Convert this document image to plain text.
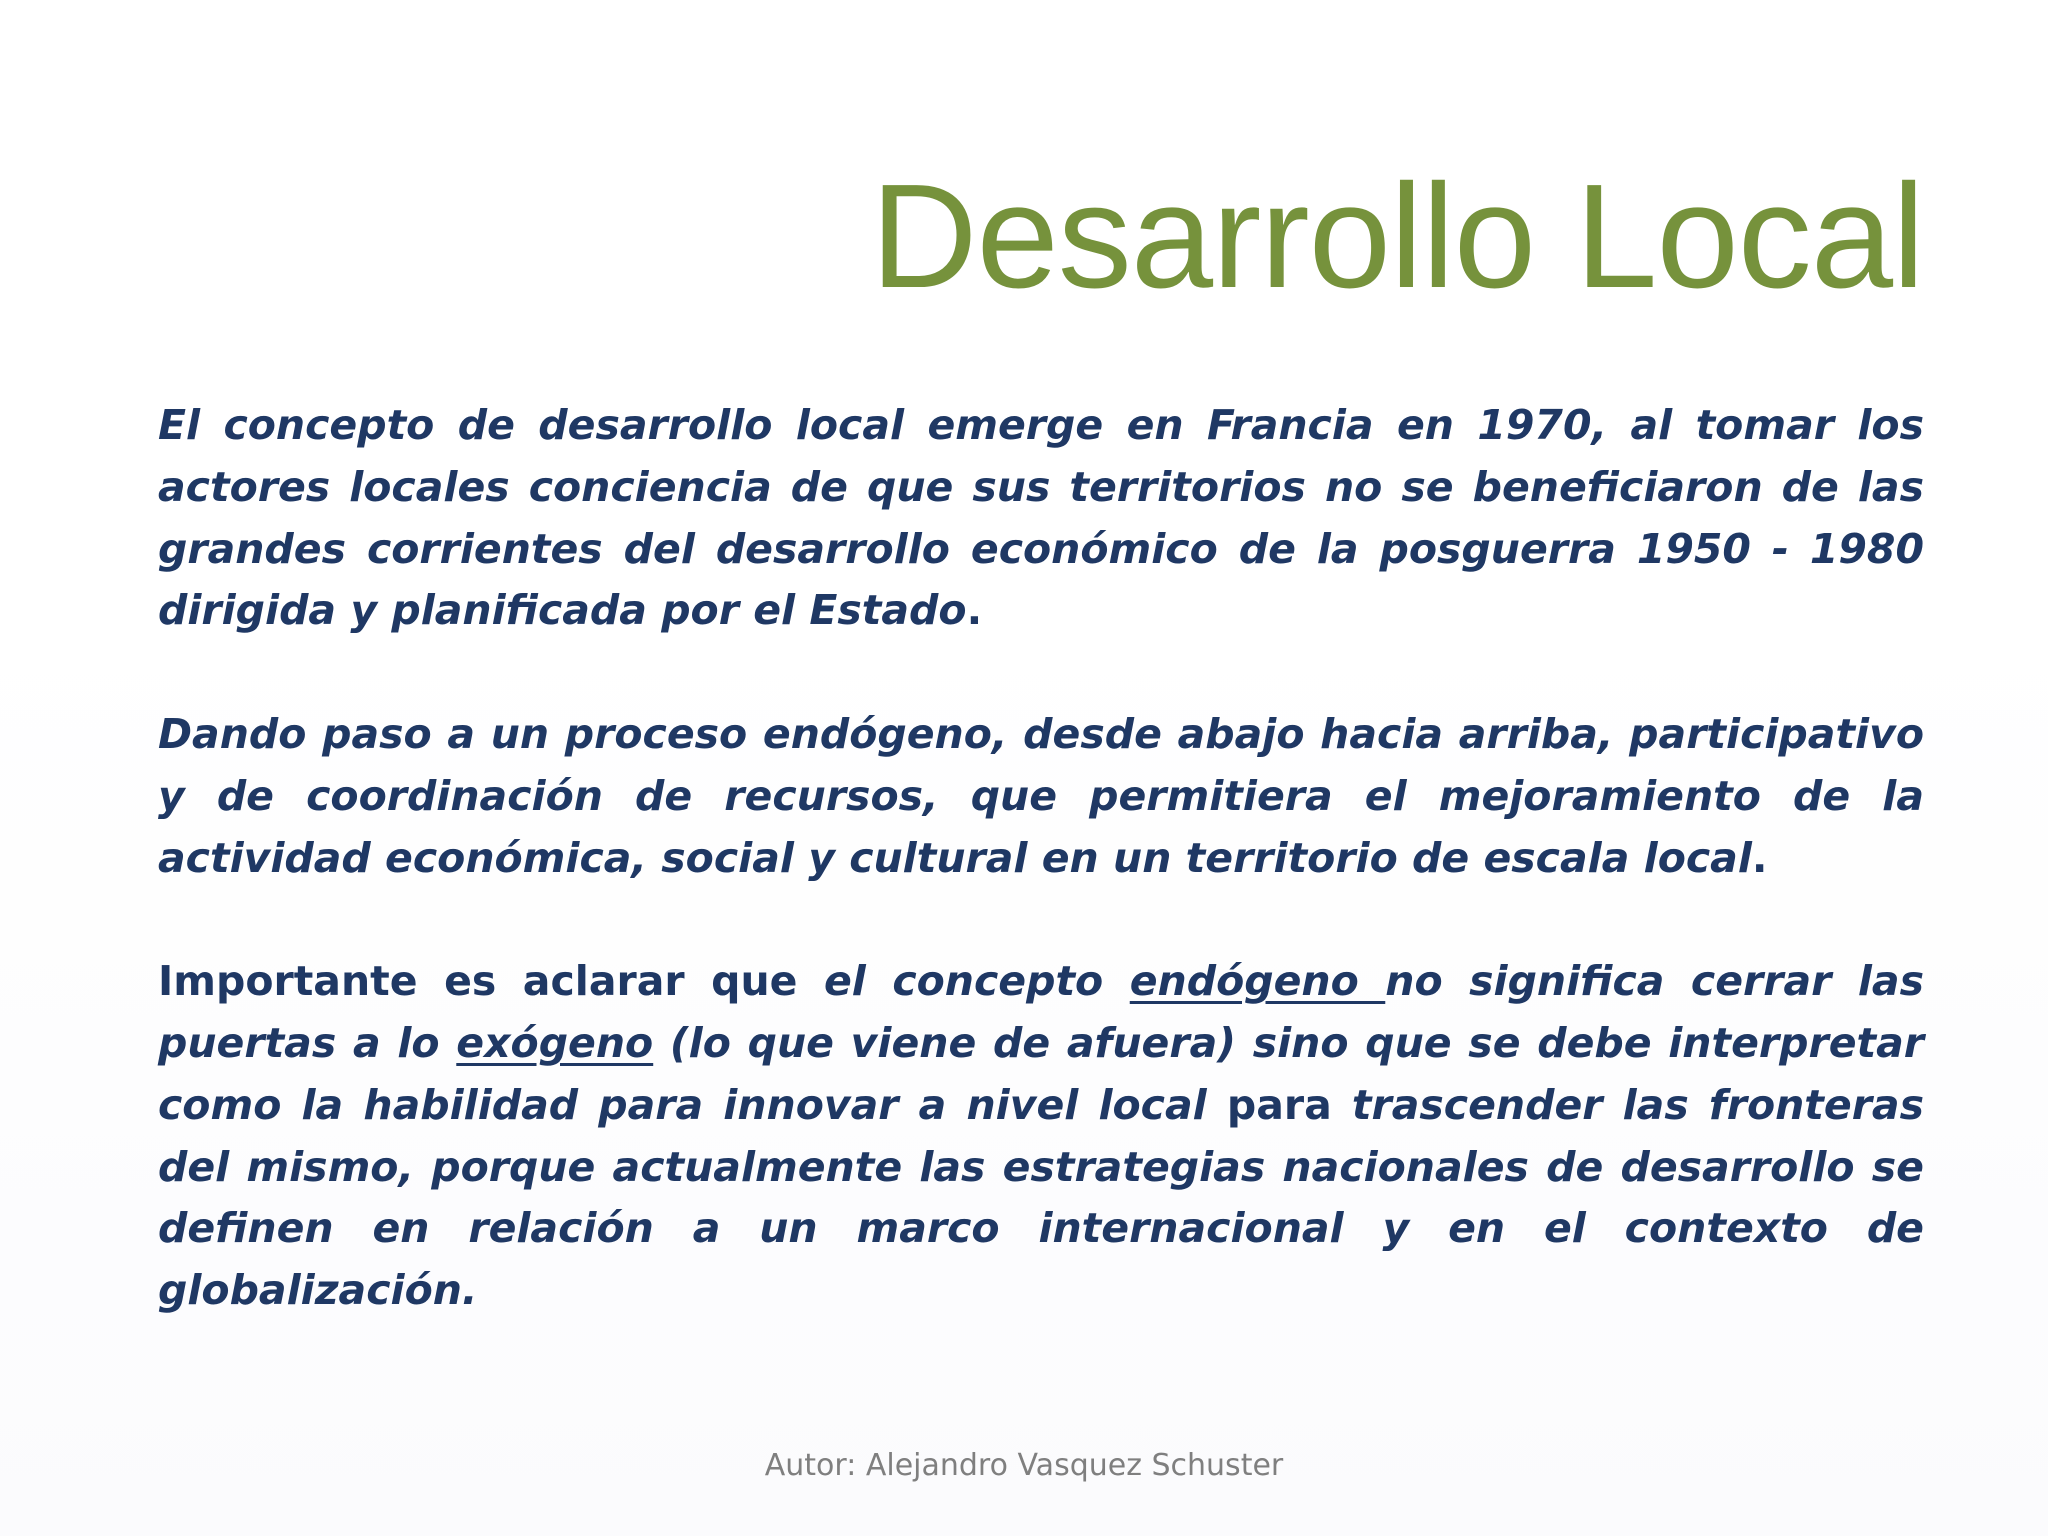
Desarrollo Local

El concepto de desarrollo local emerge en Francia en 1970, al tomar los actores locales conciencia de que sus territorios no se beneficiaron de las grandes corrientes del desarrollo económico de la posguerra 1950 - 1980 dirigida y planificada por el Estado.

Dando paso a un proceso endógeno, desde abajo hacia arriba, participativo y de coordinación de recursos, que permitiera el mejoramiento de la actividad económica, social y cultural en un territorio de escala local.

Importante es aclarar que el concepto endógeno no significa cerrar las puertas a lo exógeno (lo que viene de afuera) sino que se debe interpretar como la habilidad para innovar a nivel local para trascender las fronteras del mismo, porque actualmente las estrategias nacionales de desarrollo se definen en relación a un marco internacional y en el contexto de globalización.

Autor: Alejandro Vasquez Schuster
